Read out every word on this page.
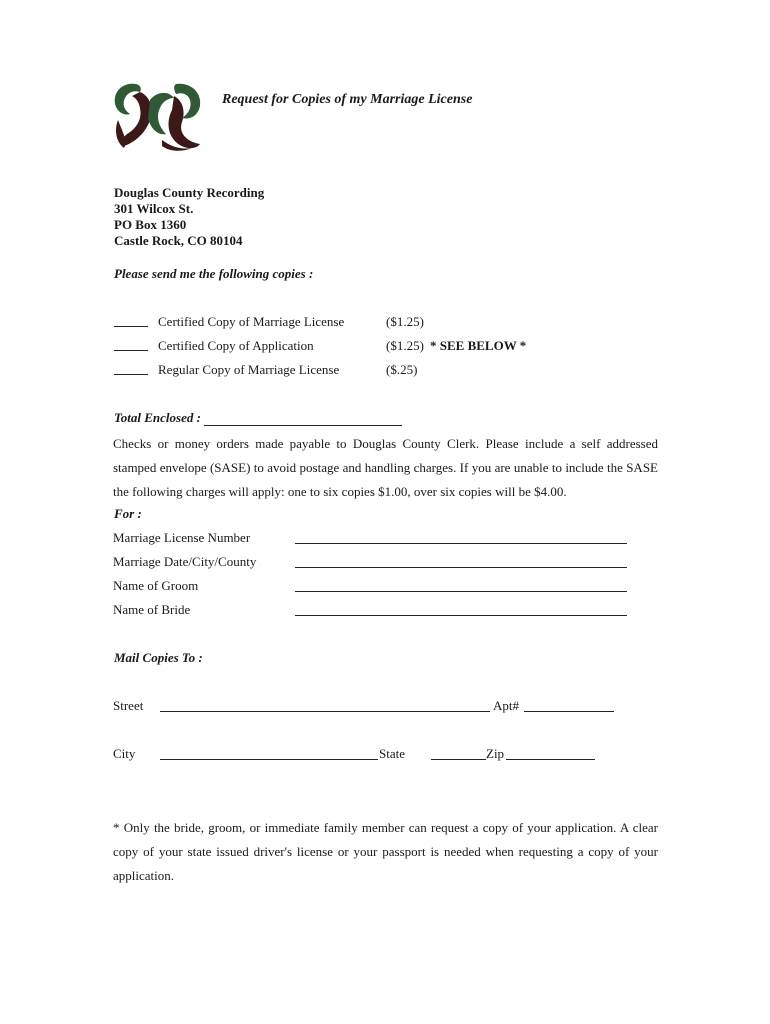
Request for Copies of my Marriage License
Douglas County Recording
301 Wilcox St.
PO Box 1360
Castle Rock, CO 80104
Please send me the following copies :
Certified Copy of Marriage License	($1.25)
Certified Copy of Application	($1.25) * SEE BELOW *
Regular Copy of Marriage License	($.25)
Total Enclosed :
Checks or money orders made payable to Douglas County Clerk. Please include a self addressed stamped envelope (SASE) to avoid postage and handling charges. If you are unable to include the SASE the following charges will apply: one to six copies $1.00, over six copies will be $4.00.
For :
Marriage License Number
Marriage Date/City/County
Name of Groom
Name of Bride
Mail Copies To :
Street	Apt#
City	State	Zip
* Only the bride, groom, or immediate family member can request a copy of your application. A clear copy of your state issued driver's license or your passport is needed when requesting a copy of your application.
